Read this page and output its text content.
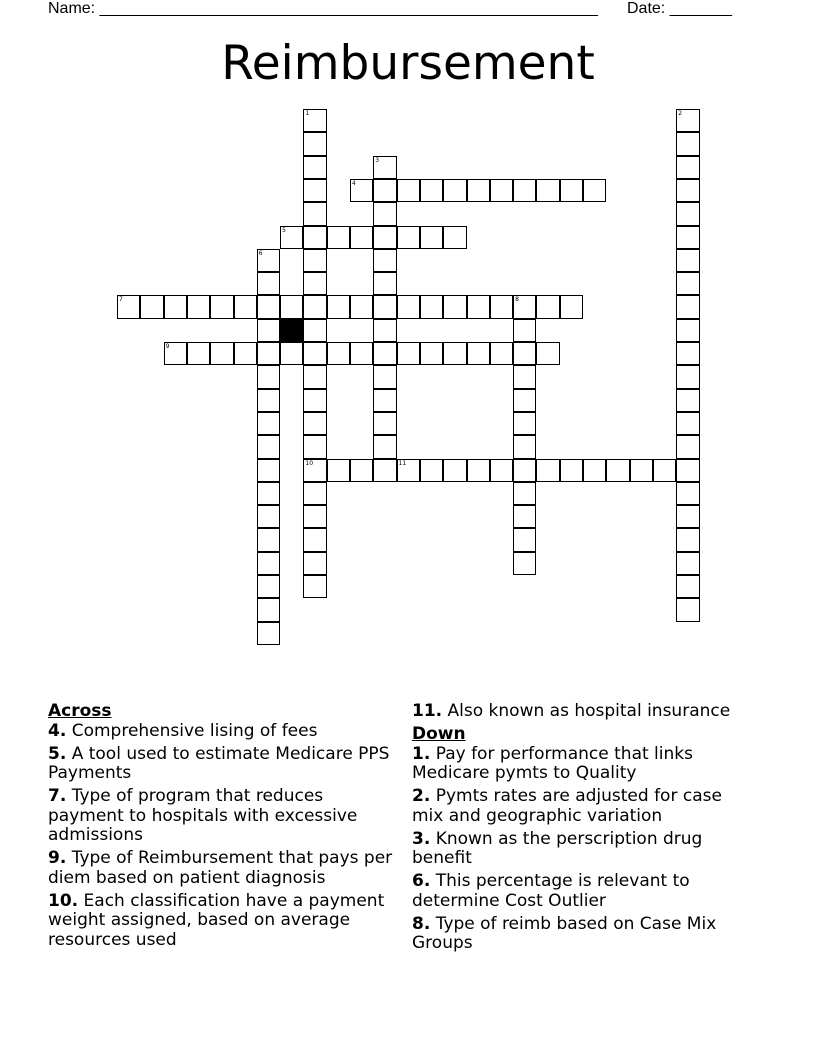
Name: ________________________________________________________ Date: _______
Reimbursement
1
10
2
3
4
5
6
7	8
9
11

Across

4. Comprehensive lising of fees

5. A tool used to estimate Medicare PPS Payments

7. Type of program that reduces payment to hospitals with excessive admissions

9. Type of Reimbursement that pays per diem based on patient diagnosis

10. Each classification have a payment weight assigned, based on average resources used

11. Also known as hospital insurance

Down

1. Pay for performance that links Medicare pymts to Quality

2. Pymts rates are adjusted for case mix and geographic variation

3. Known as the perscription drug benefit

6. This percentage is relevant to determine Cost Outlier

8. Type of reimb based on Case Mix Groups
